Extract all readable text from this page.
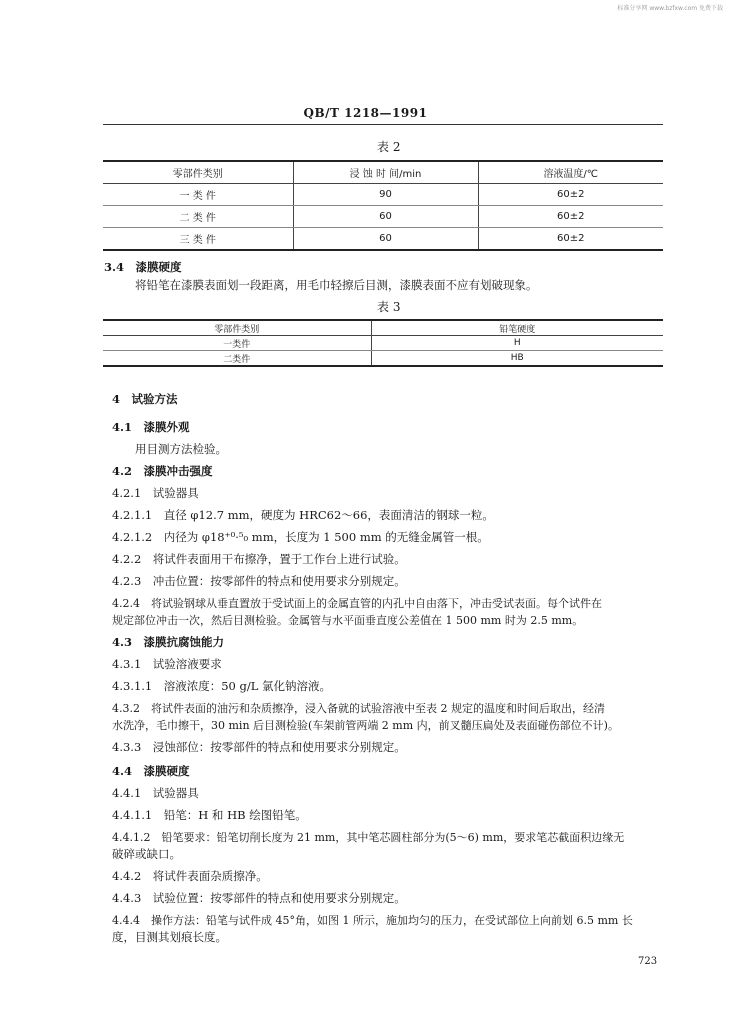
标准分享网 www.bzfxw.com 免费下载
QB/T 1218—1991
表 2
零部件类别	浸 蚀 时 间/min	溶液温度/℃
一 类 件	90	60±2
二 类 件	60	60±2
三 类 件	60	60±2
3.4　漆膜硬度
将铅笔在漆膜表面划一段距离，用毛巾轻擦后目测，漆膜表面不应有划破现象。
表 3
零部件类别	铅笔硬度
一类件	H
二类件	HB
4　试验方法
4.1　漆膜外观
用目测方法检验。
4.2　漆膜冲击强度
4.2.1　试验器具
4.2.1.1　直径 φ12.7 mm，硬度为 HRC62～66，表面清洁的钢球一粒。
4.2.1.2　内径为 φ18⁺⁰·⁵₀ mm，长度为 1 500 mm 的无缝金属管一根。
4.2.2　将试件表面用干布擦净，置于工作台上进行试验。
4.2.3　冲击位置：按零部件的特点和使用要求分别规定。
4.2.4　将试验钢球从垂直置放于受试面上的金属直管的内孔中自由落下，冲击受试表面。每个试件在
规定部位冲击一次，然后目测检验。金属管与水平面垂直度公差值在 1 500 mm 时为 2.5 mm。
4.3　漆膜抗腐蚀能力
4.3.1　试验溶液要求
4.3.1.1　溶液浓度：50 g/L 氯化钠溶液。
4.3.2　将试件表面的油污和杂质擦净，浸入备就的试验溶液中至表 2 规定的温度和时间后取出，经清
水洗净，毛巾擦干，30 min 后目测检验(车架前管两端 2 mm 内，前叉髓压扁处及表面碰伤部位不计)。
4.3.3　浸蚀部位：按零部件的特点和使用要求分别规定。
4.4　漆膜硬度
4.4.1　试验器具
4.4.1.1　铅笔：H 和 HB 绘图铅笔。
4.4.1.2　铅笔要求：铅笔切削长度为 21 mm，其中笔芯圆柱部分为(5～6) mm，要求笔芯截面积边缘无
破碎或缺口。
4.4.2　将试件表面杂质擦净。
4.4.3　试验位置：按零部件的特点和使用要求分别规定。
4.4.4　操作方法：铅笔与试件成 45°角，如图 1 所示，施加均匀的压力，在受试部位上向前划 6.5 mm 长
度，目测其划痕长度。
723
